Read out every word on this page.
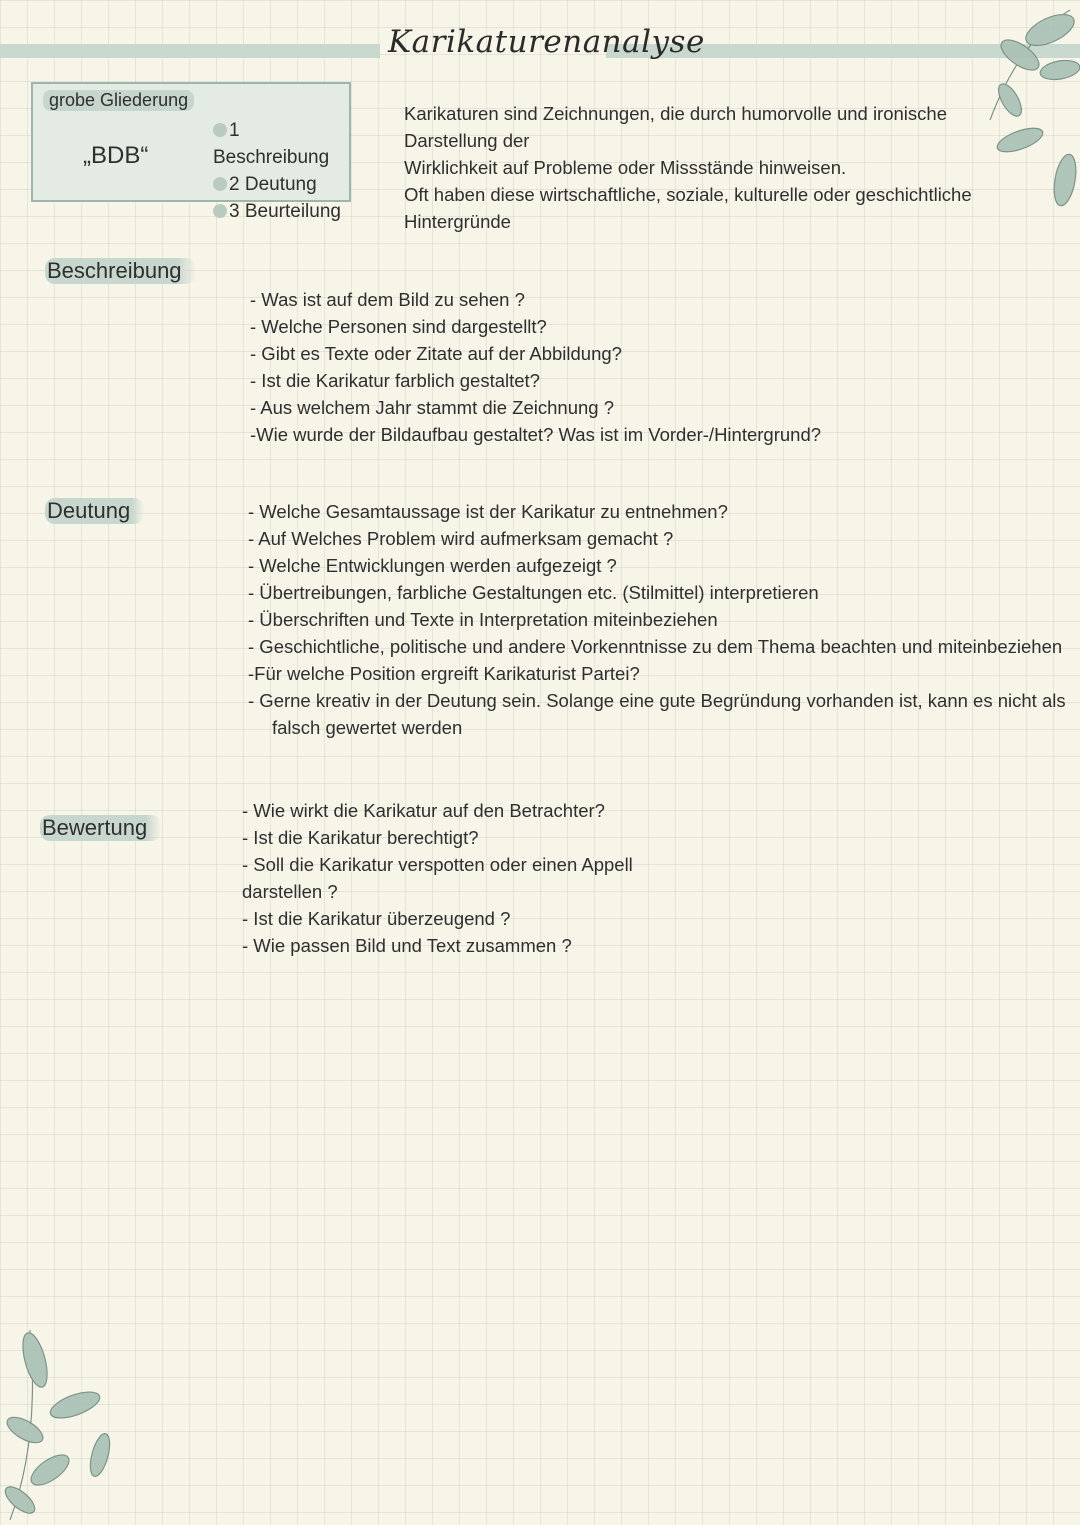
Karikaturenanalyse
grobe Gliederung
„BDB“
1 Beschreibung
2 Deutung
3 Beurteilung
Karikaturen sind Zeichnungen, die durch humorvolle und ironische Darstellung der
Wirklichkeit auf Probleme oder Missstände hinweisen.
Oft haben diese wirtschaftliche, soziale, kulturelle oder geschichtliche Hintergründe
Beschreibung
- Was ist auf dem Bild zu sehen ?
- Welche Personen sind dargestellt?
- Gibt es Texte oder Zitate auf der Abbildung?
- Ist die Karikatur farblich gestaltet?
- Aus welchem Jahr stammt die Zeichnung ?
-Wie wurde der Bildaufbau gestaltet? Was ist im Vorder-/Hintergrund?
Deutung	- Welche Gesamtaussage ist der Karikatur zu entnehmen?
- Auf Welches Problem wird aufmerksam gemacht ?
- Welche Entwicklungen werden aufgezeigt ?
- Übertreibungen, farbliche Gestaltungen etc. (Stilmittel) interpretieren
- Überschriften und Texte in Interpretation miteinbeziehen
- Geschichtliche, politische und andere Vorkenntnisse zu dem Thema beachten und miteinbeziehen
-Für welche Position ergreift Karikaturist Partei?
- Gerne kreativ in der Deutung sein. Solange eine gute Begründung vorhanden ist, kann es nicht als
falsch gewertet werden
Bewertung
- Wie wirkt die Karikatur auf den Betrachter?
- Ist die Karikatur berechtigt?
- Soll die Karikatur verspotten oder einen Appell
darstellen ?
- Ist die Karikatur überzeugend ?
- Wie passen Bild und Text zusammen ?
